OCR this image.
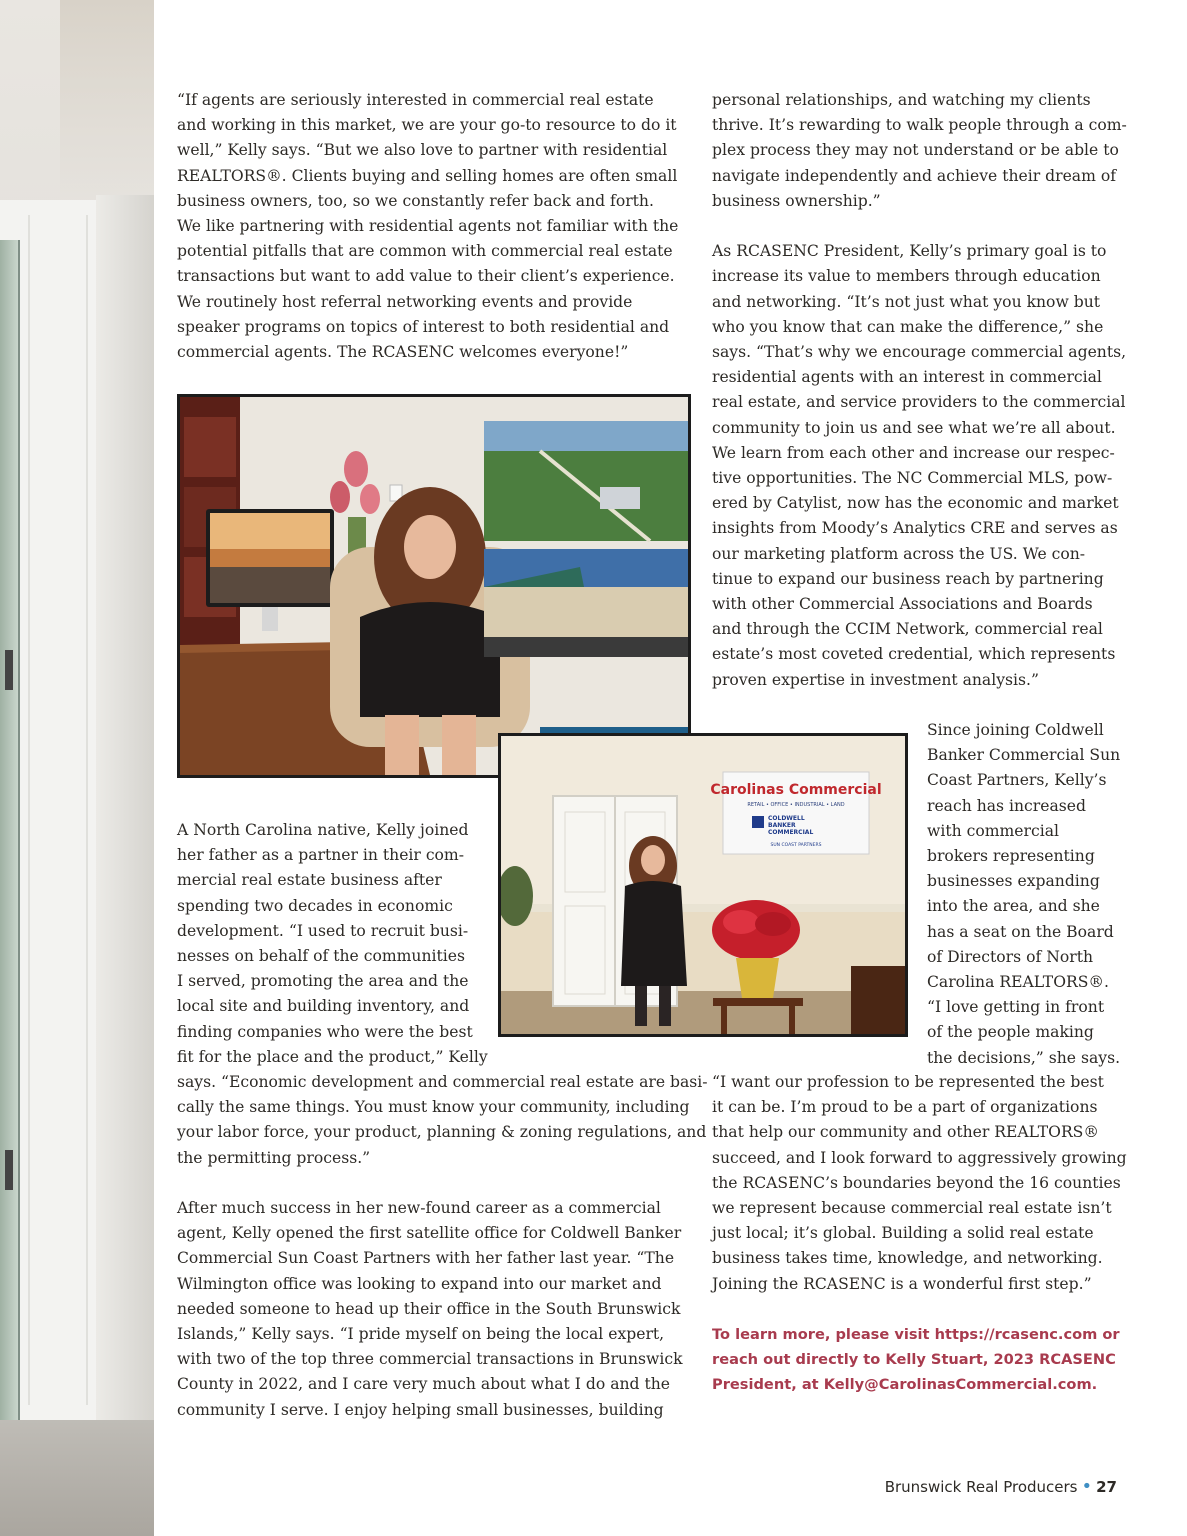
“If agents are seriously interested in commercial real estate
and working in this market, we are your go-to resource to do it
well,” Kelly says. “But we also love to partner with residential
REALTORS®. Clients buying and selling homes are often small
business owners, too, so we constantly refer back and forth.
We like partnering with residential agents not familiar with the
potential pitfalls that are common with commercial real estate
transactions but want to add value to their client’s experience.
We routinely host referral networking events and provide
speaker programs on topics of interest to both residential and
commercial agents. The RCASENC welcomes everyone!”
personal relationships, and watching my clients
thrive. It’s rewarding to walk people through a com-
plex process they may not understand or be able to
navigate independently and achieve their dream of
business ownership.”
As RCASENC President, Kelly’s primary goal is to
increase its value to members through education
and networking. “It’s not just what you know but
who you know that can make the difference,” she
says. “That’s why we encourage commercial agents,
residential agents with an interest in commercial
real estate, and service providers to the commercial
community to join us and see what we’re all about.
We learn from each other and increase our respec-
tive opportunities. The NC Commercial MLS, pow-
ered by Catylist, now has the economic and market
insights from Moody’s Analytics CRE and serves as
our marketing platform across the US. We con-
tinue to expand our business reach by partnering
with other Commercial Associations and Boards
and through the CCIM Network, commercial real
estate’s most coveted credential, which represents
proven expertise in investment analysis.”
Carolinas Commercial
RETAIL • OFFICE • INDUSTRIAL • LAND
COLDWELL
BANKER
COMMERCIAL
SUN COAST PARTNERS
A North Carolina native, Kelly joined
her father as a partner in their com-
mercial real estate business after
spending two decades in economic
development. “I used to recruit busi-
nesses on behalf of the communities
I served, promoting the area and the
local site and building inventory, and
finding companies who were the best
fit for the place and the product,” Kelly
says. “Economic development and commercial real estate are basi-
cally the same things. You must know your community, including
your labor force, your product, planning & zoning regulations, and
the permitting process.”
After much success in her new-found career as a commercial
agent, Kelly opened the first satellite office for Coldwell Banker
Commercial Sun Coast Partners with her father last year. “The
Wilmington office was looking to expand into our market and
needed someone to head up their office in the South Brunswick
Islands,” Kelly says. “I pride myself on being the local expert,
with two of the top three commercial transactions in Brunswick
County in 2022, and I care very much about what I do and the
community I serve. I enjoy helping small businesses, building
Since joining Coldwell
Banker Commercial Sun
Coast Partners, Kelly’s
reach has increased
with commercial
brokers representing
businesses expanding
into the area, and she
has a seat on the Board
of Directors of North
Carolina REALTORS®.
“I love getting in front
of the people making
the decisions,” she says.
“I want our profession to be represented the best
it can be. I’m proud to be a part of organizations
that help our community and other REALTORS®
succeed, and I look forward to aggressively growing
the RCASENC’s boundaries beyond the 16 counties
we represent because commercial real estate isn’t
just local; it’s global. Building a solid real estate
business takes time, knowledge, and networking.
Joining the RCASENC is a wonderful first step.”
To learn more, please visit https://rcasenc.com or
reach out directly to Kelly Stuart, 2023 RCASENC
President, at Kelly@CarolinasCommercial.com.
Brunswick Real Producers • 27
